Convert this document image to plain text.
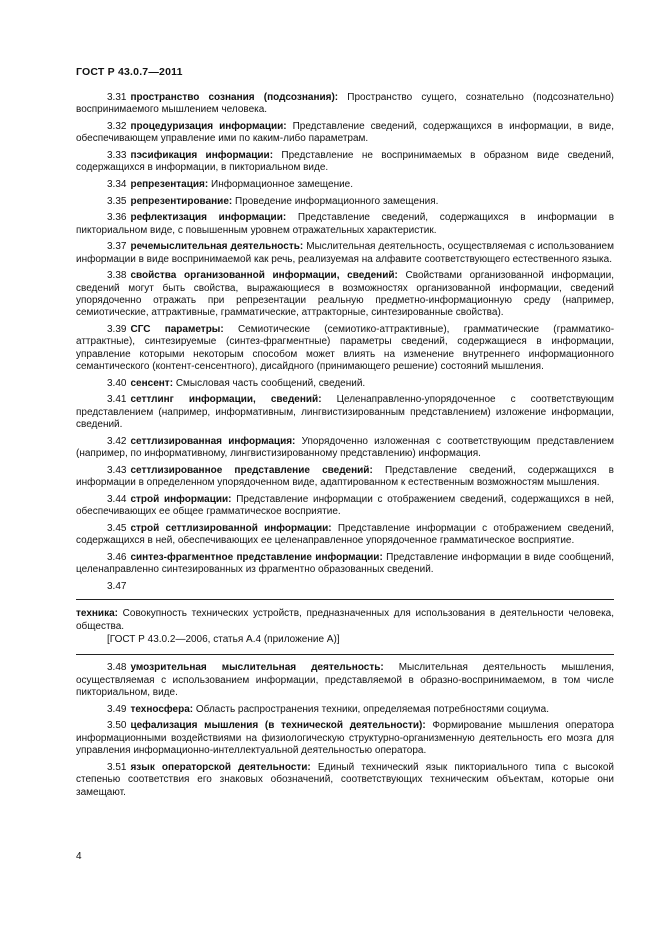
ГОСТ Р 43.0.7—2011

3.31 пространство сознания (подсознания): Пространство сущего, сознательно (подсознательно) воспринимаемого мышлением человека.

3.32 процедуризация информации: Представление сведений, содержащихся в информации, в виде, обеспечивающем управление ими по каким-либо параметрам.

3.33 пэсификация информации: Представление не воспринимаемых в образном виде сведений, содержащихся в информации, в пикториальном виде.

3.34 репрезентация: Информационное замещение.

3.35 репрезентирование: Проведение информационного замещения.

3.36 рефлектизация информации: Представление сведений, содержащихся в информации в пикториальном виде, с повышенным уровнем отражательных характеристик.

3.37 речемыслительная деятельность: Мыслительная деятельность, осуществляемая с использованием информации в виде воспринимаемой как речь, реализуемая на алфавите соответствующего естественного языка.

3.38 свойства организованной информации, сведений: Свойствами организованной информации, сведений могут быть свойства, выражающиеся в возможностях организованной информации, сведений упорядоченно отражать при репрезентации реальную предметно-информационную среду (например, семиотические, аттрактивные, грамматические, аттракторные, синтезированные свойства).

3.39 СГС параметры: Семиотические (семиотико-аттрактивные), грамматические (грамматико-аттрактные), синтезируемые (синтез-фрагментные) параметры сведений, содержащиеся в информации, управление которыми некоторым способом может влиять на изменение внутреннего информационного семантического (контент-сенсентного), дисайдного (принимающего решение) состояний мышления.

3.40 сенсент: Смысловая часть сообщений, сведений.

3.41 сеттлинг информации, сведений: Целенаправленно-упорядоченное с соответствующим представлением (например, информативным, лингвистизированным представлением) изложение информации, сведений.

3.42 сеттлизированная информация: Упорядоченно изложенная с соответствующим представлением (например, по информативному, лингвистизированному представлению) информация.

3.43 сеттлизированное представление сведений: Представление сведений, содержащихся в информации в определенном упорядоченном виде, адаптированном к естественным возможностям мышления.

3.44 строй информации: Представление информации с отображением сведений, содержащихся в ней, обеспечивающих ее общее грамматическое восприятие.

3.45 строй сеттлизированной информации: Представление информации с отображением сведений, содержащихся в ней, обеспечивающих ее целенаправленное упорядоченное грамматическое восприятие.

3.46 синтез-фрагментное представление информации: Представление информации в виде сообщений, целенаправленно синтезированных из фрагментно образованных сведений.

3.47

техника: Совокупность технических устройств, предназначенных для использования в деятельности человека, общества.

[ГОСТ Р 43.0.2—2006, статья А.4 (приложение А)]

3.48 умозрительная мыслительная деятельность: Мыслительная деятельность мышления, осуществляемая с использованием информации, представляемой в образно-воспринимаемом, в том числе пикториальном, виде.

3.49 техносфера: Область распространения техники, определяемая потребностями социума.

3.50 цефализация мышления (в технической деятельности): Формирование мышления оператора информационными воздействиями на физиологическую структурно-организменную деятельность его мозга для управления информационно-интеллектуальной деятельностью оператора.

3.51 язык операторской деятельности: Единый технический язык пикториального типа с высокой степенью соответствия его знаковых обозначений, соответствующих техническим объектам, которые они замещают.

4
